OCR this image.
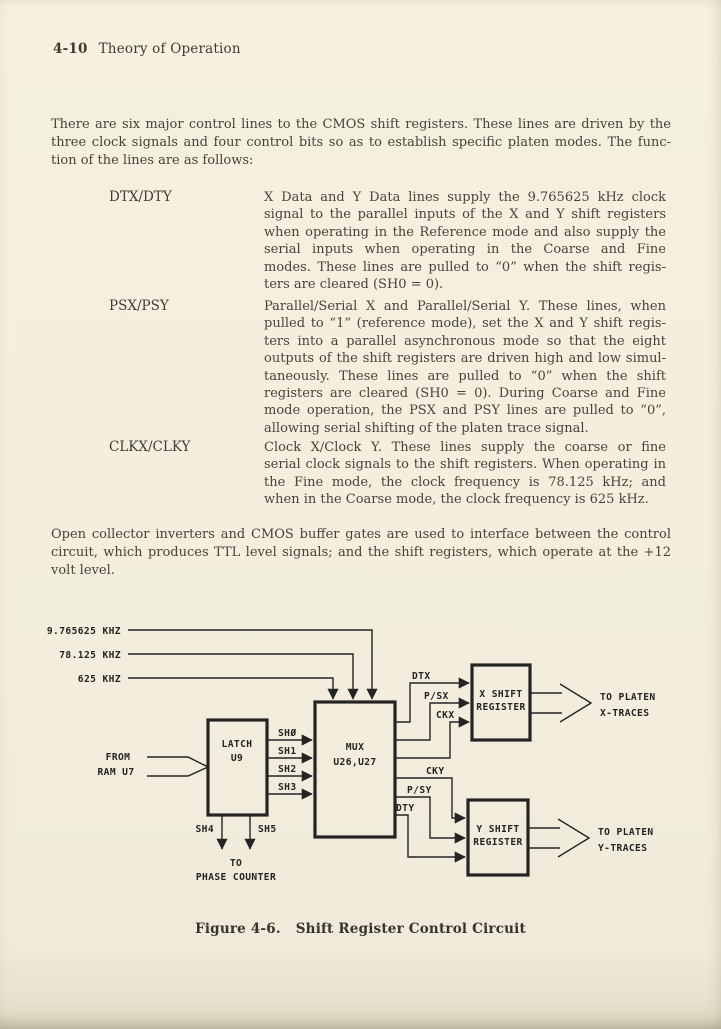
4-10 Theory of Operation
There are six major control lines to the CMOS shift registers. These lines are driven by the
three clock signals and four control bits so as to establish specific platen modes. The func-
tion of the lines are as follows:
DTX/DTY	X Data and Y Data lines supply the 9.765625 kHz clock
signal to the parallel inputs of the X and Y shift registers
when operating in the Reference mode and also supply the
serial inputs when operating in the Coarse and Fine
modes. These lines are pulled to “0” when the shift regis-
ters are cleared (SH0 = 0).
PSX/PSY	Parallel/Serial X and Parallel/Serial Y. These lines, when
pulled to “1” (reference mode), set the X and Y shift regis-
ters into a parallel asynchronous mode so that the eight
outputs of the shift registers are driven high and low simul-
taneously. These lines are pulled to “0” when the shift
registers are cleared (SH0 = 0). During Coarse and Fine
mode operation, the PSX and PSY lines are pulled to “0”,
allowing serial shifting of the platen trace signal.
CLKX/CLKY	Clock X/Clock Y. These lines supply the coarse or fine
serial clock signals to the shift registers. When operating in
the Fine mode, the clock frequency is 78.125 kHz; and
when in the Coarse mode, the clock frequency is 625 kHz.
Open collector inverters and CMOS buffer gates are used to interface between the control
circuit, which produces TTL level signals; and the shift registers, which operate at the +12
volt level.
9.765625 KHZ
78.125 KHZ
625 KHZ
FROM
RAM U7
LATCH
U9
SHØ
SH1
SH2
SH3
SH4	SH5
TO
PHASE COUNTER
MUX
U26,U27
DTX
P/SX
CKX
CKY
P/SY
DTY
X SHIFT
REGISTER
TO PLATEN
X-TRACES
Y SHIFT
REGISTER
TO PLATEN
Y-TRACES
Figure 4-6. Shift Register Control Circuit
